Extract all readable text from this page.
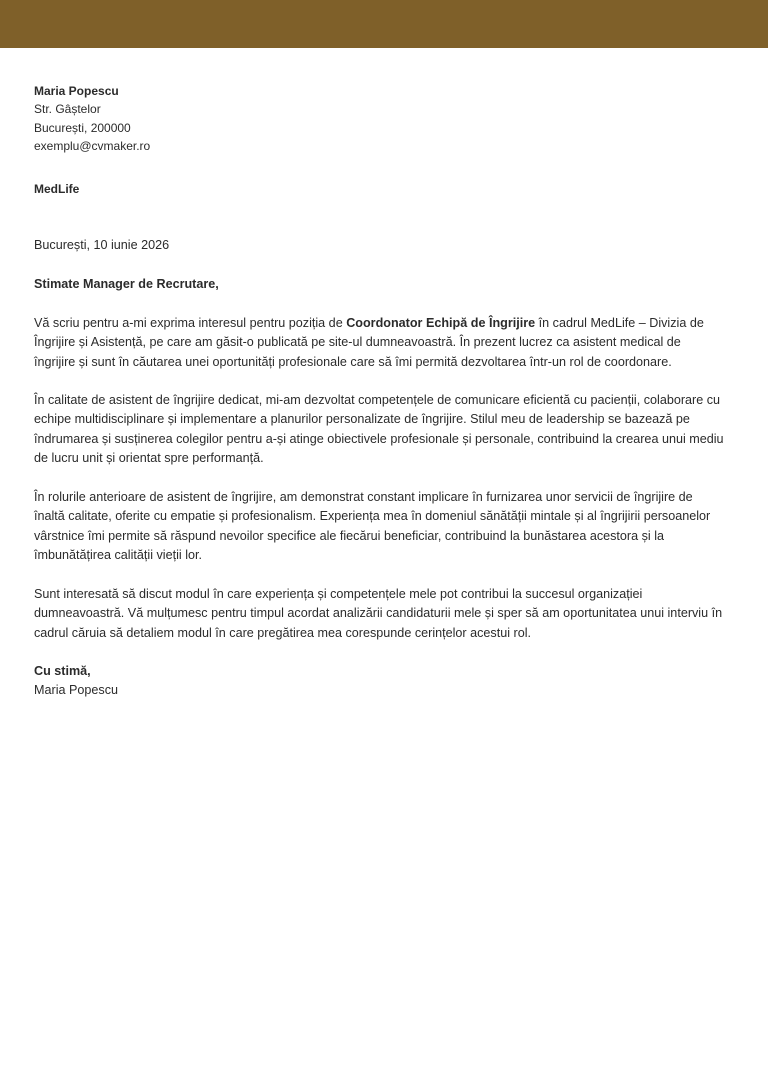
Maria Popescu
Str. Gâștelor
București, 200000
exemplu@cvmaker.ro
MedLife
București, 10 iunie 2026
Stimate Manager de Recrutare,

Vă scriu pentru a-mi exprima interesul pentru poziția de Coordonator Echipă de Îngrijire în cadrul MedLife – Divizia de Îngrijire și Asistență, pe care am găsit-o publicată pe site-ul dumneavoastră. În prezent lucrez ca asistent medical de îngrijire și sunt în căutarea unei oportunități profesionale care să îmi permită dezvoltarea într-un rol de coordonare.

În calitate de asistent de îngrijire dedicat, mi-am dezvoltat competențele de comunicare eficientă cu pacienții, colaborare cu echipe multidisciplinare și implementare a planurilor personalizate de îngrijire. Stilul meu de leadership se bazează pe îndrumarea și susținerea colegilor pentru a-și atinge obiectivele profesionale și personale, contribuind la crearea unui mediu de lucru unit și orientat spre performanță.

În rolurile anterioare de asistent de îngrijire, am demonstrat constant implicare în furnizarea unor servicii de îngrijire de înaltă calitate, oferite cu empatie și profesionalism. Experiența mea în domeniul sănătății mintale și al îngrijirii persoanelor vârstnice îmi permite să răspund nevoilor specifice ale fiecărui beneficiar, contribuind la bunăstarea acestora și la îmbunătățirea calității vieții lor.

Sunt interesată să discut modul în care experiența și competențele mele pot contribui la succesul organizației dumneavoastră. Vă mulțumesc pentru timpul acordat analizării candidaturii mele și sper să am oportunitatea unui interviu în cadrul căruia să detaliem modul în care pregătirea mea corespunde cerințelor acestui rol.

Cu stimă,
Maria Popescu
